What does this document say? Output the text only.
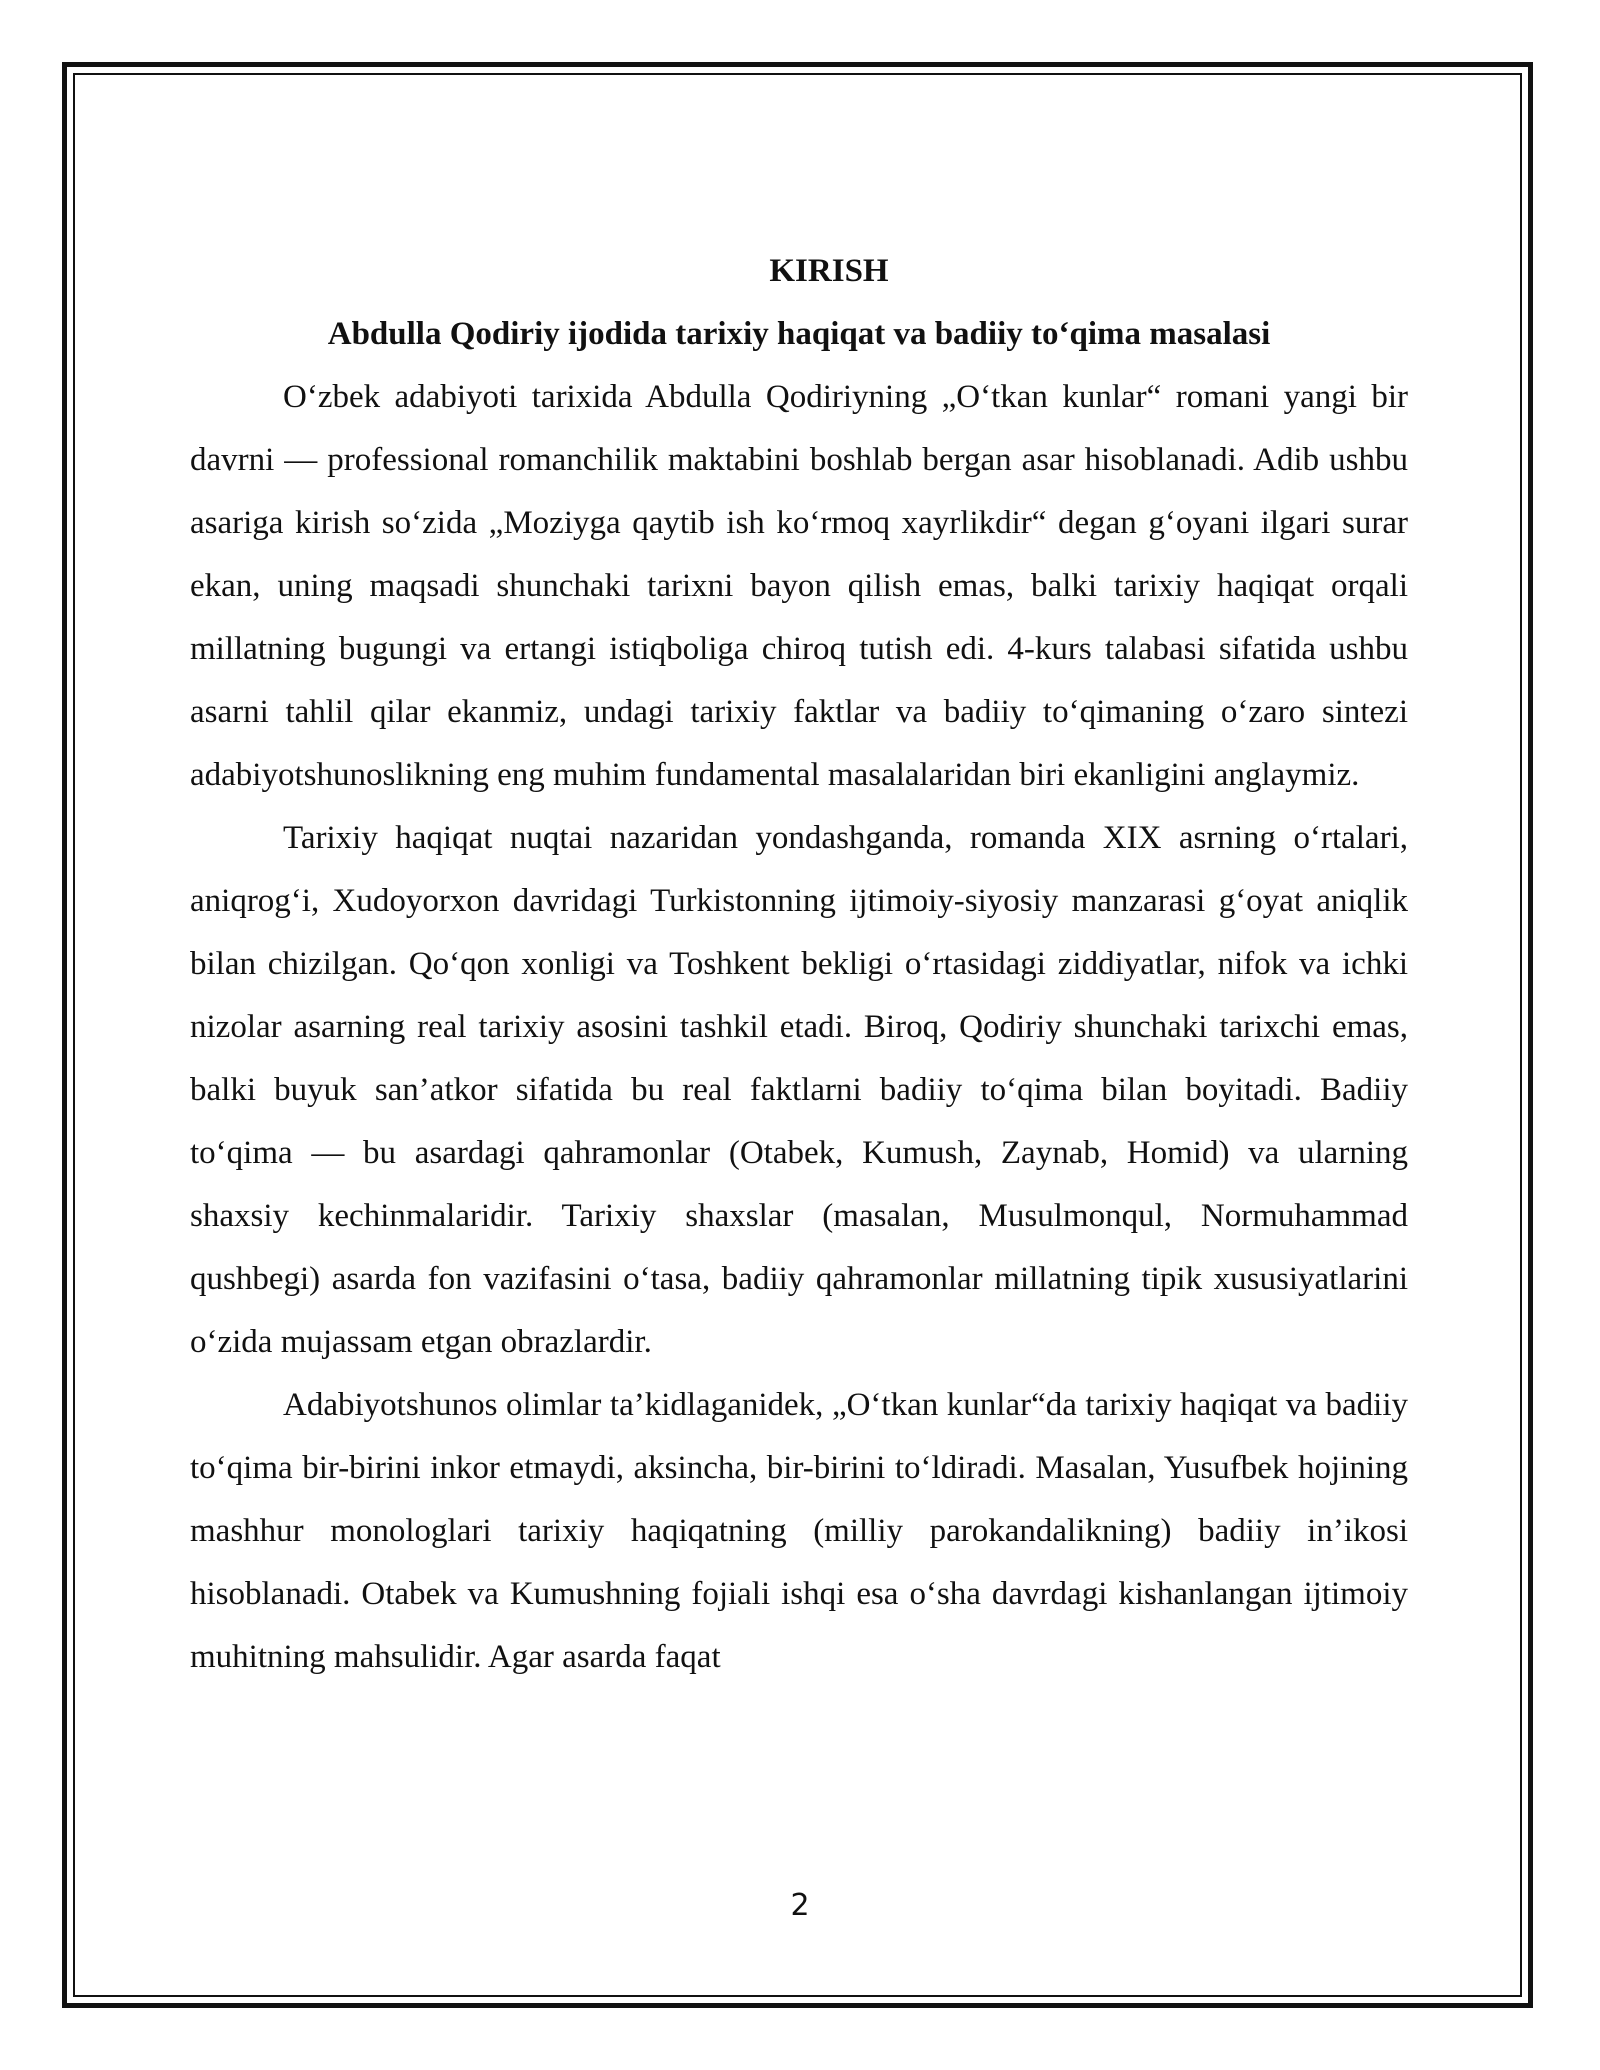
KIRISH

Abdulla Qodiriy ijodida tarixiy haqiqat va badiiy to‘qima masalasi

O‘zbek adabiyoti tarixida Abdulla Qodiriyning „O‘tkan kunlar“ romani yangi bir davrni — professional romanchilik maktabini boshlab bergan asar hisoblanadi. Adib ushbu asariga kirish so‘zida „Moziyga qaytib ish ko‘rmoq xayrlikdir“ degan g‘oyani ilgari surar ekan, uning maqsadi shunchaki tarixni bayon qilish emas, balki tarixiy haqiqat orqali millatning bugungi va ertangi istiqboliga chiroq tutish edi. 4-kurs talabasi sifatida ushbu asarni tahlil qilar ekanmiz, undagi tarixiy faktlar va badiiy to‘qimaning o‘zaro sintezi adabiyotshunoslikning eng muhim fundamental masalalaridan biri ekanligini anglaymiz.

Tarixiy haqiqat nuqtai nazaridan yondashganda, romanda XIX asrning o‘rtalari, aniqrog‘i, Xudoyorxon davridagi Turkistonning ijtimoiy-siyosiy manzarasi g‘oyat aniqlik bilan chizilgan. Qo‘qon xonligi va Toshkent bekligi o‘rtasidagi ziddiyatlar, nifok va ichki nizolar asarning real tarixiy asosini tashkil etadi. Biroq, Qodiriy shunchaki tarixchi emas, balki buyuk san’atkor sifatida bu real faktlarni badiiy to‘qima bilan boyitadi. Badiiy to‘qima — bu asardagi qahramonlar (Otabek, Kumush, Zaynab, Homid) va ularning shaxsiy kechinmalaridir. Tarixiy shaxslar (masalan, Musulmonqul, Normuhammad qushbegi) asarda fon vazifasini o‘tasa, badiiy qahramonlar millatning tipik xususiyatlarini o‘zida mujassam etgan obrazlardir.

Adabiyotshunos olimlar ta’kidlaganidek, „O‘tkan kunlar“da tarixiy haqiqat va badiiy to‘qima bir-birini inkor etmaydi, aksincha, bir-birini to‘ldiradi. Masalan, Yusufbek hojining mashhur monologlari tarixiy haqiqatning (milliy parokandalikning) badiiy in’ikosi hisoblanadi. Otabek va Kumushning fojiali ishqi esa o‘sha davrdagi kishanlangan ijtimoiy muhitning mahsulidir. Agar asarda faqat

2
